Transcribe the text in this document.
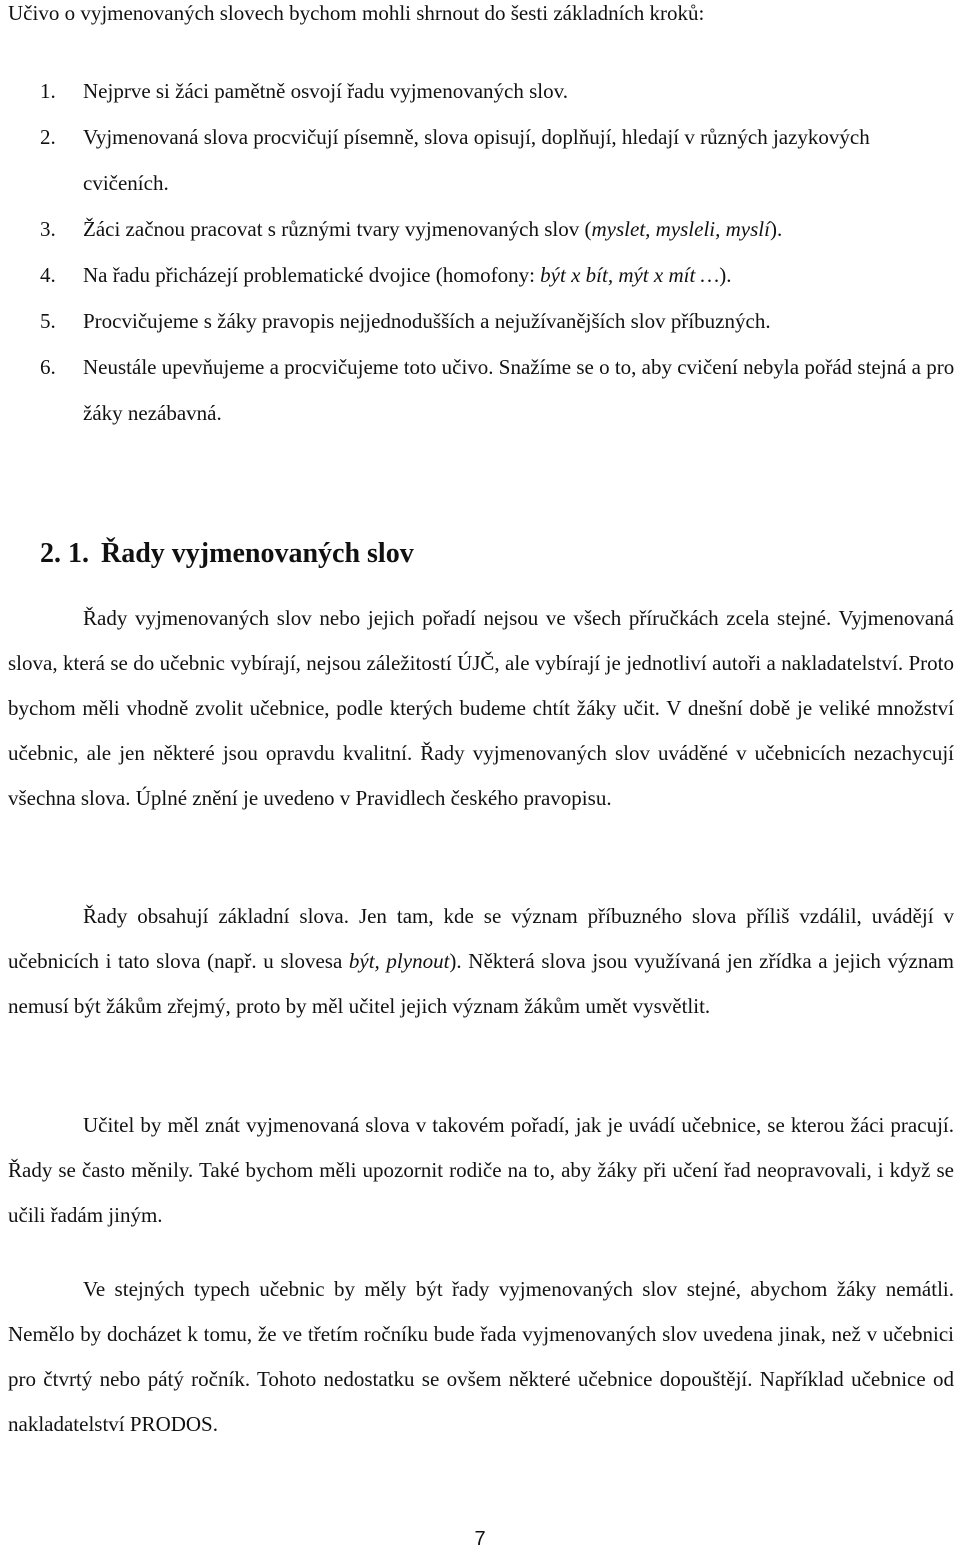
Učivo o vyjmenovaných slovech bychom mohli shrnout do šesti základních kroků:
1.	Nejprve si žáci pamětně osvojí řadu vyjmenovaných slov.
2.	Vyjmenovaná slova procvičují písemně, slova opisují, doplňují, hledají v různých jazykových cvičeních.
3.	Žáci začnou pracovat s různými tvary vyjmenovaných slov (myslet, mysleli, myslí).
4.	Na řadu přicházejí problematické dvojice (homofony: být x bít, mýt x mít …).
5.	Procvičujeme s žáky pravopis nejjednodušších a nejužívanějších slov příbuzných.
6.	Neustále upevňujeme a procvičujeme toto učivo. Snažíme se o to, aby cvičení nebyla pořád stejná a pro žáky nezábavná.
2. 1. Řady vyjmenovaných slov

Řady vyjmenovaných slov nebo jejich pořadí nejsou ve všech příručkách zcela stejné. Vyjmenovaná slova, která se do učebnic vybírají, nejsou záležitostí ÚJČ, ale vybírají je jednotliví autoři a nakladatelství. Proto bychom měli vhodně zvolit učebnice, podle kterých budeme chtít žáky učit. V dnešní době je veliké množství učebnic, ale jen některé jsou opravdu kvalitní. Řady vyjmenovaných slov uváděné v učebnicích nezachycují všechna slova. Úplné znění je uvedeno v Pravidlech českého pravopisu.

Řady obsahují základní slova. Jen tam, kde se význam příbuzného slova příliš vzdálil, uvádějí v učebnicích i tato slova (např. u slovesa být, plynout). Některá slova jsou využívaná jen zřídka a jejich význam nemusí být žákům zřejmý, proto by měl učitel jejich význam žákům umět vysvětlit.

Učitel by měl znát vyjmenovaná slova v takovém pořadí, jak je uvádí učebnice, se kterou žáci pracují. Řady se často měnily. Také bychom měli upozornit rodiče na to, aby žáky při učení řad neopravovali, i když se učili řadám jiným.

Ve stejných typech učebnic by měly být řady vyjmenovaných slov stejné, abychom žáky nemátli. Nemělo by docházet k tomu, že ve třetím ročníku bude řada vyjmenovaných slov uvedena jinak, než v učebnici pro čtvrtý nebo pátý ročník. Tohoto nedostatku se ovšem některé učebnice dopouštějí. Například učebnice od nakladatelství PRODOS.

7
